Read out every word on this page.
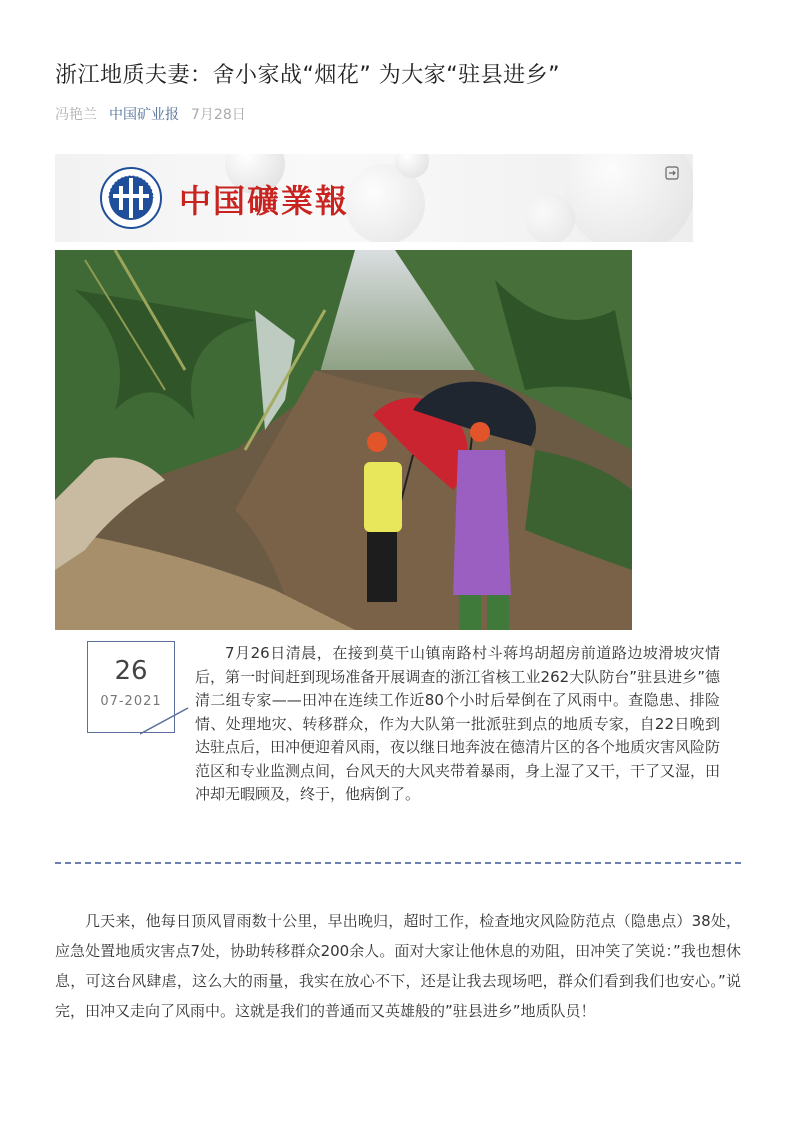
浙江地质夫妻：舍小家战“烟花” 为大家“驻县进乡”
冯艳兰 中国矿业报 7月28日
中国礦業報
26
07-2021

7月26日清晨，在接到莫干山镇南路村斗蒋坞胡超房前道路边坡滑坡灾情后，第一时间赶到现场准备开展调查的浙江省核工业262大队防台”驻县进乡”德清二组专家——田冲在连续工作近80个小时后晕倒在了风雨中。查隐患、排险情、处理地灾、转移群众，作为大队第一批派驻到点的地质专家，自22日晚到达驻点后，田冲便迎着风雨，夜以继日地奔波在德清片区的各个地质灾害风险防范区和专业监测点间，台风天的大风夹带着暴雨，身上湿了又干，干了又湿，田冲却无暇顾及，终于，他病倒了。

几天来，他每日顶风冒雨数十公里，早出晚归，超时工作，检查地灾风险防范点（隐患点）38处，应急处置地质灾害点7处，协助转移群众200余人。面对大家让他休息的劝阻，田冲笑了笑说：”我也想休息，可这台风肆虐，这么大的雨量，我实在放心不下，还是让我去现场吧，群众们看到我们也安心。”说完，田冲又走向了风雨中。这就是我们的普通而又英雄般的”驻县进乡”地质队员！
